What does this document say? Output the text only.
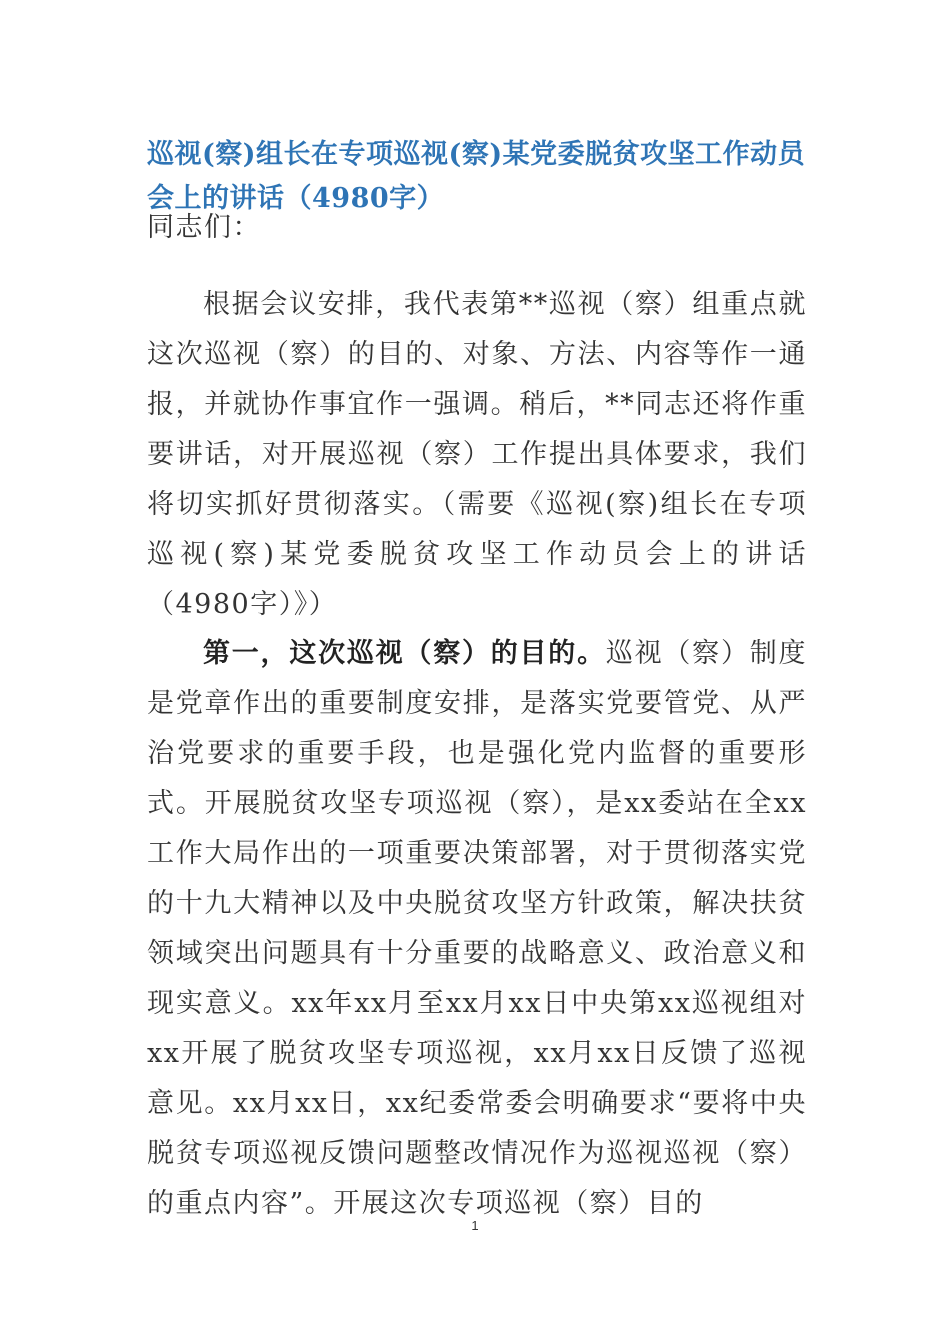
巡视(察)组长在专项巡视(察)某党委脱贫攻坚工作动员会上的讲话（4980字）

同志们：

根据会议安排，我代表第**巡视（察）组重点就这次巡视（察）的目的、对象、方法、内容等作一通报，并就协作事宜作一强调。稍后，**同志还将作重要讲话，对开展巡视（察）工作提出具体要求，我们将切实抓好贯彻落实。（需要《巡视(察)组长在专项巡视(察)某党委脱贫攻坚工作动员会上的讲话（4980字）》）

第一，这次巡视（察）的目的。巡视（察）制度是党章作出的重要制度安排，是落实党要管党、从严治党要求的重要手段，也是强化党内监督的重要形式。开展脱贫攻坚专项巡视（察），是xx委站在全xx工作大局作出的一项重要决策部署，对于贯彻落实党的十九大精神以及中央脱贫攻坚方针政策，解决扶贫领域突出问题具有十分重要的战略意义、政治意义和现实意义。xx年xx月至xx月xx日中央第xx巡视组对xx开展了脱贫攻坚专项巡视，xx月xx日反馈了巡视意见。xx月xx日，xx纪委常委会明确要求“要将中央脱贫专项巡视反馈问题整改情况作为巡视巡视（察）的重点内容”。开展这次专项巡视（察）目的

1
